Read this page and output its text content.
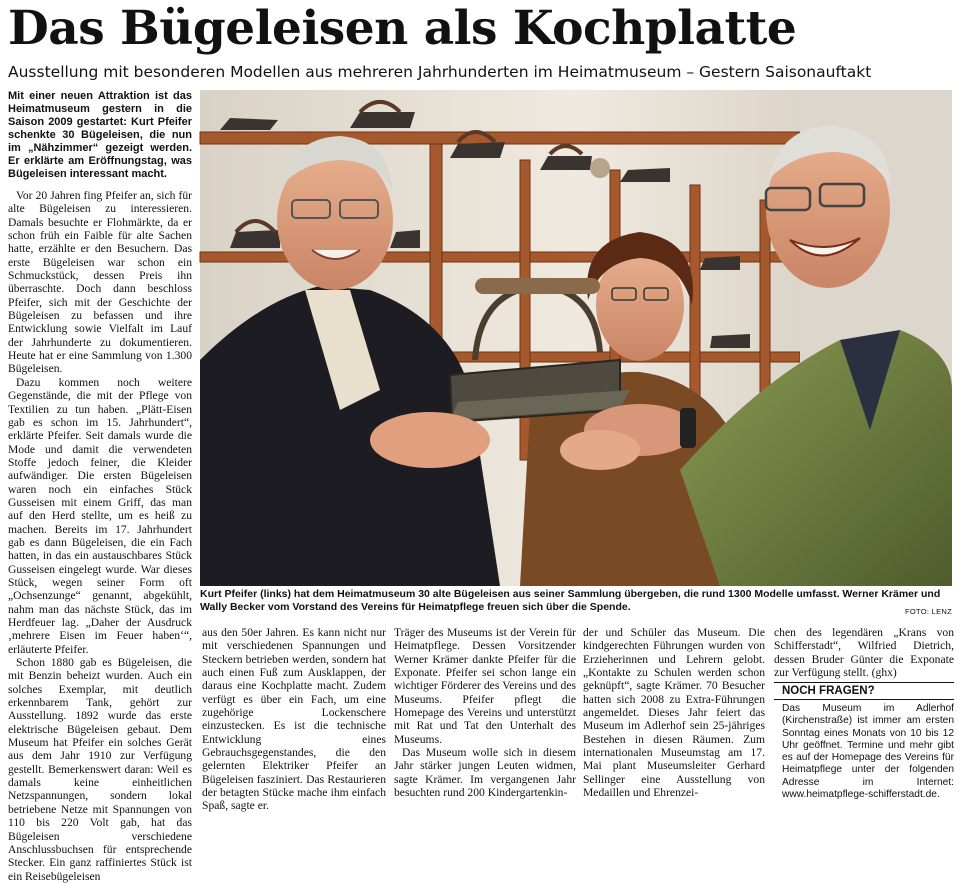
Das Bügeleisen als Kochplatte
Ausstellung mit besonderen Modellen aus mehreren Jahrhunderten im Heimatmuseum – Gestern Saisonauftakt

Mit einer neuen Attraktion ist das Heimatmuseum gestern in die Saison 2009 gestartet: Kurt Pfeifer schenkte 30 Bügeleisen, die nun im „Nähzimmer“ gezeigt werden. Er erklärte am Eröffnungstag, was Bügeleisen interessant macht.

Vor 20 Jahren fing Pfeifer an, sich für alte Bügeleisen zu interessieren. Damals besuchte er Flohmärkte, da er schon früh ein Faible für alte Sachen hatte, erzählte er den Besuchern. Das erste Bügeleisen war schon ein Schmuckstück, dessen Preis ihn überraschte. Doch dann beschloss Pfeifer, sich mit der Geschichte der Bügeleisen zu befassen und ihre Entwicklung sowie Vielfalt im Lauf der Jahrhunderte zu dokumentieren. Heute hat er eine Sammlung von 1.300 Bügeleisen.

Dazu kommen noch weitere Gegenstände, die mit der Pflege von Textilien zu tun haben. „Plätt-Eisen gab es schon im 15. Jahrhundert“, erklärte Pfeifer. Seit damals wurde die Mode und damit die verwendeten Stoffe jedoch feiner, die Kleider aufwändiger. Die ersten Bügeleisen waren noch ein einfaches Stück Gusseisen mit einem Griff, das man auf den Herd stellte, um es heiß zu machen. Bereits im 17. Jahrhundert gab es dann Bügeleisen, die ein Fach hatten, in das ein austauschbares Stück Gusseisen eingelegt wurde. War dieses Stück, wegen seiner Form oft „Ochsenzunge“ genannt, abgekühlt, nahm man das nächste Stück, das im Herdfeuer lag. „Daher der Ausdruck ‚mehrere Eisen im Feuer haben‘“, erläuterte Pfeifer.

Schon 1880 gab es Bügeleisen, die mit Benzin beheizt wurden. Auch ein solches Exemplar, mit deutlich erkennbarem Tank, gehört zur Ausstellung. 1892 wurde das erste elektrische Bügeleisen gebaut. Dem Museum hat Pfeifer ein solches Gerät aus dem Jahr 1910 zur Verfügung gestellt. Bemerkenswert daran: Weil es damals keine einheitlichen Netzspannungen, sondern lokal betriebene Netze mit Spannungen von 110 bis 220 Volt gab, hat das Bügeleisen verschiedene Anschlussbuchsen für entsprechende Stecker. Ein ganz raffiniertes Stück ist ein Reisebügeleisen

Kurt Pfeifer (links) hat dem Heimatmuseum 30 alte Bügeleisen aus seiner Sammlung übergeben, die rund 1300 Modelle umfasst. Werner Krämer und Wally Becker vom Vorstand des Vereins für Heimatpflege freuen sich über die Spende.	FOTO: LENZ

aus den 50er Jahren. Es kann nicht nur mit verschiedenen Spannungen und Steckern betrieben werden, sondern hat auch einen Fuß zum Ausklappen, der daraus eine Kochplatte macht. Zudem verfügt es über ein Fach, um eine zugehörige Lockenschere einzustecken. Es ist die technische Entwicklung eines Gebrauchsgegenstandes, die den gelernten Elektriker Pfeifer an Bügeleisen fasziniert. Das Restaurieren der betagten Stücke mache ihm einfach Spaß, sagte er.

Träger des Museums ist der Verein für Heimatpflege. Dessen Vorsitzender Werner Krämer dankte Pfeifer für die Exponate. Pfeifer sei schon lange ein wichtiger Förderer des Vereins und des Museums. Pfeifer pflegt die Homepage des Vereins und unterstützt mit Rat und Tat den Unterhalt des Museums.

Das Museum wolle sich in diesem Jahr stärker jungen Leuten widmen, sagte Krämer. Im vergangenen Jahr besuchten rund 200 Kindergartenkin-

der und Schüler das Museum. Die kindgerechten Führungen wurden von Erzieherinnen und Lehrern gelobt. „Kontakte zu Schulen werden schon geknüpft“, sagte Krämer. 70 Besucher hatten sich 2008 zu Extra-Führungen angemeldet. Dieses Jahr feiert das Museum im Adlerhof sein 25-jähriges Bestehen in diesen Räumen. Zum internationalen Museumstag am 17. Mai plant Museumsleiter Gerhard Sellinger eine Ausstellung von Medaillen und Ehrenzei-

chen des legendären „Krans von Schifferstadt“, Wilfried Dietrich, dessen Bruder Günter die Exponate zur Verfügung stellt. (ghx)

NOCH FRAGEN?
Das Museum im Adlerhof (Kirchenstraße) ist immer am ersten Sonntag eines Monats von 10 bis 12 Uhr geöffnet. Termine und mehr gibt es auf der Homepage des Vereins für Heimatpflege unter der folgenden Adresse im Internet: www.heimatpflege-schifferstadt.de.
